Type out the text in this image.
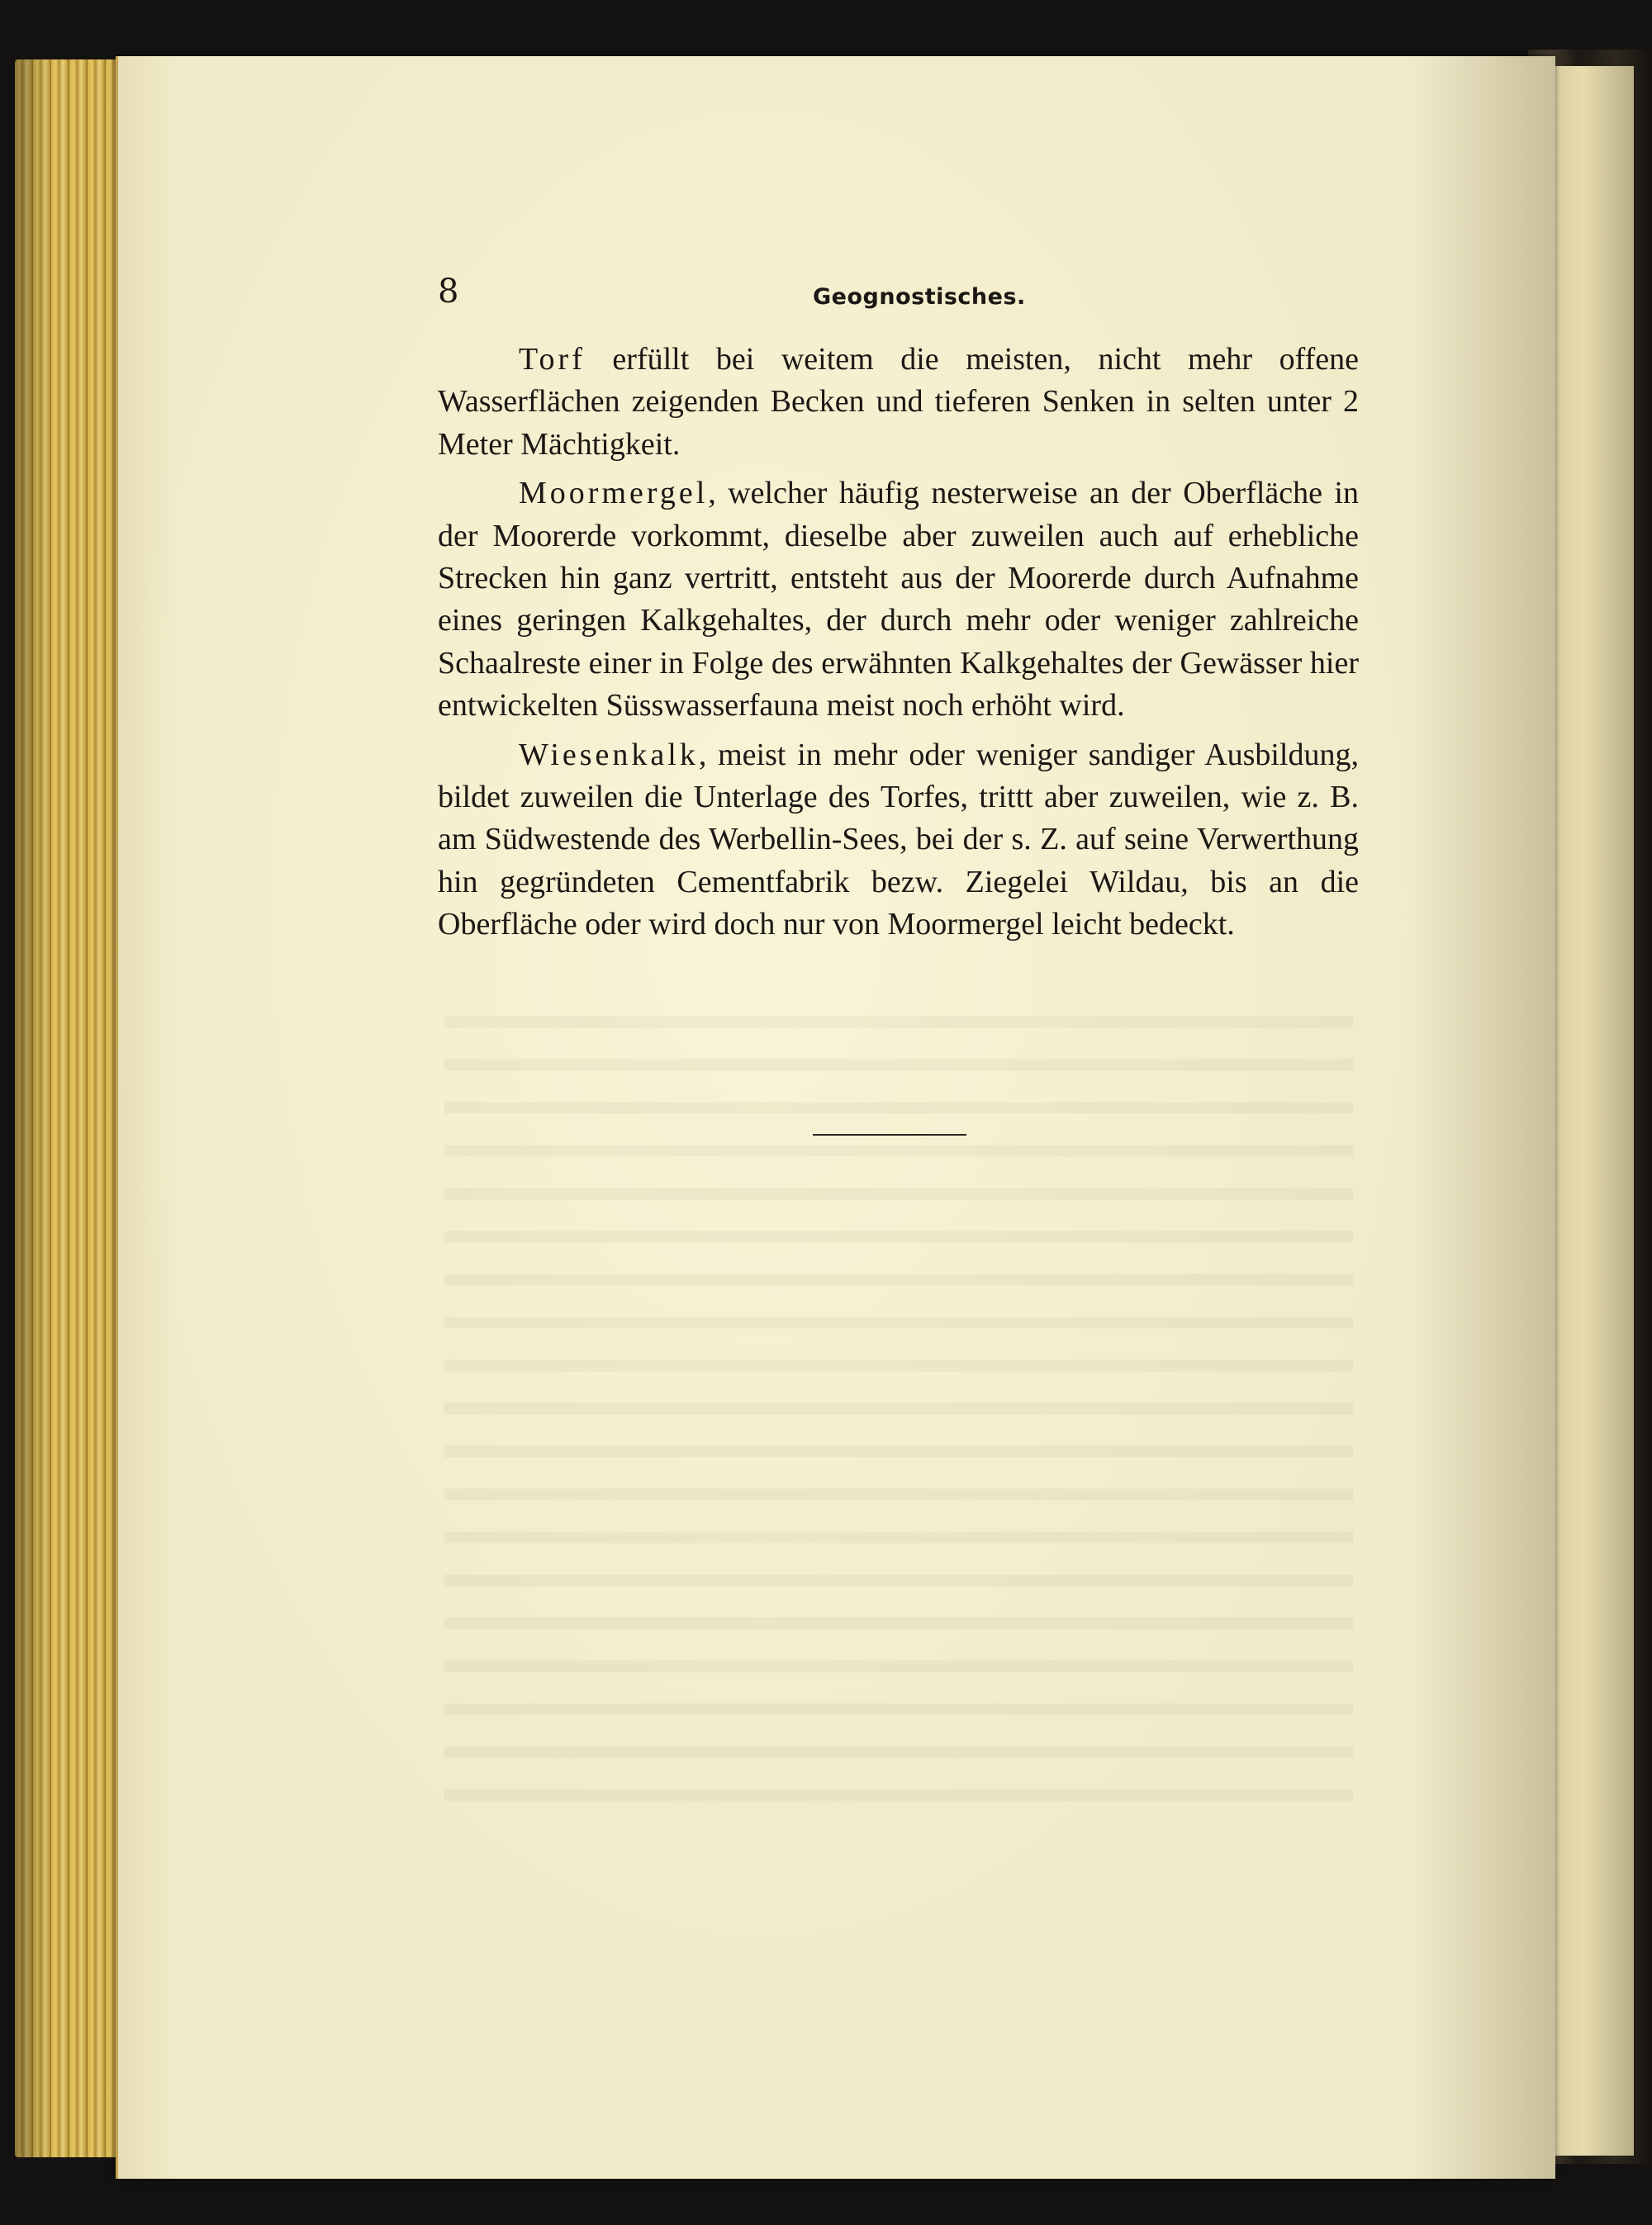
8	Geognostisches.

Torf erfüllt bei weitem die meisten, nicht mehr offene Wasserflächen zeigenden Becken und tieferen Senken in selten unter 2 Meter Mächtigkeit.

Moormergel, welcher häufig nesterweise an der Oberfläche in der Moorerde vorkommt, dieselbe aber zuweilen auch auf erhebliche Strecken hin ganz vertritt, entsteht aus der Moorerde durch Aufnahme eines geringen Kalkgehaltes, der durch mehr oder weniger zahlreiche Schaalreste einer in Folge des erwähnten Kalkgehaltes der Gewässer hier entwickelten Süsswasserfauna meist noch erhöht wird.

Wiesenkalk, meist in mehr oder weniger sandiger Ausbildung, bildet zuweilen die Unterlage des Torfes, trittt aber zuweilen, wie z. B. am Südwestende des Werbellin-Sees, bei der s. Z. auf seine Verwerthung hin gegründeten Cementfabrik bezw. Ziegelei Wildau, bis an die Oberfläche oder wird doch nur von Moormergel leicht bedeckt.
